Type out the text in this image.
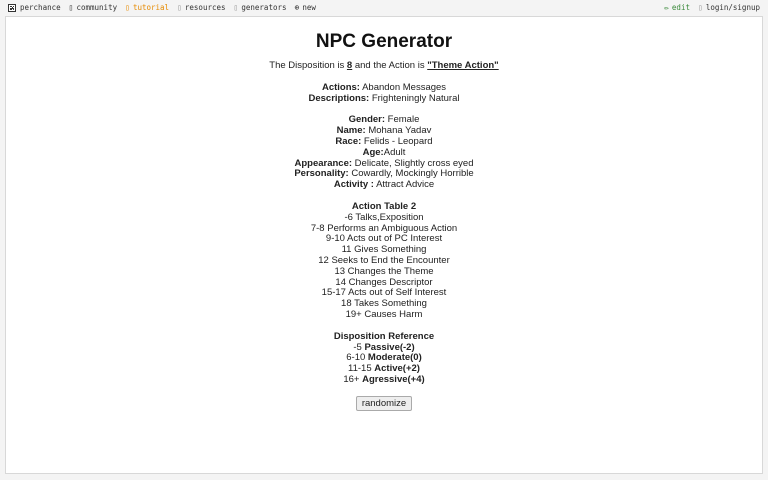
perchance ▯ community ▯ tutorial ▯ resources ▯ generators ⊕ new	✏ edit ▯ login/signup
NPC Generator
The Disposition is 8 and the Action is "Theme Action"
Actions: Abandon Messages
Descriptions: Frighteningly Natural
Gender: Female
Name: Mohana Yadav
Race: Felids - Leopard
Age:Adult
Appearance: Delicate, Slightly cross eyed
Personality: Cowardly, Mockingly Horrible
Activity : Attract Advice
Action Table 2
-6 Talks,Exposition
7-8 Performs an Ambiguous Action
9-10 Acts out of PC Interest
11 Gives Something
12 Seeks to End the Encounter
13 Changes the Theme
14 Changes Descriptor
15-17 Acts out of Self Interest
18 Takes Something
19+ Causes Harm
Disposition Reference
-5 Passive(-2)
6-10 Moderate(0)
11-15 Active(+2)
16+ Agressive(+4)
randomize
